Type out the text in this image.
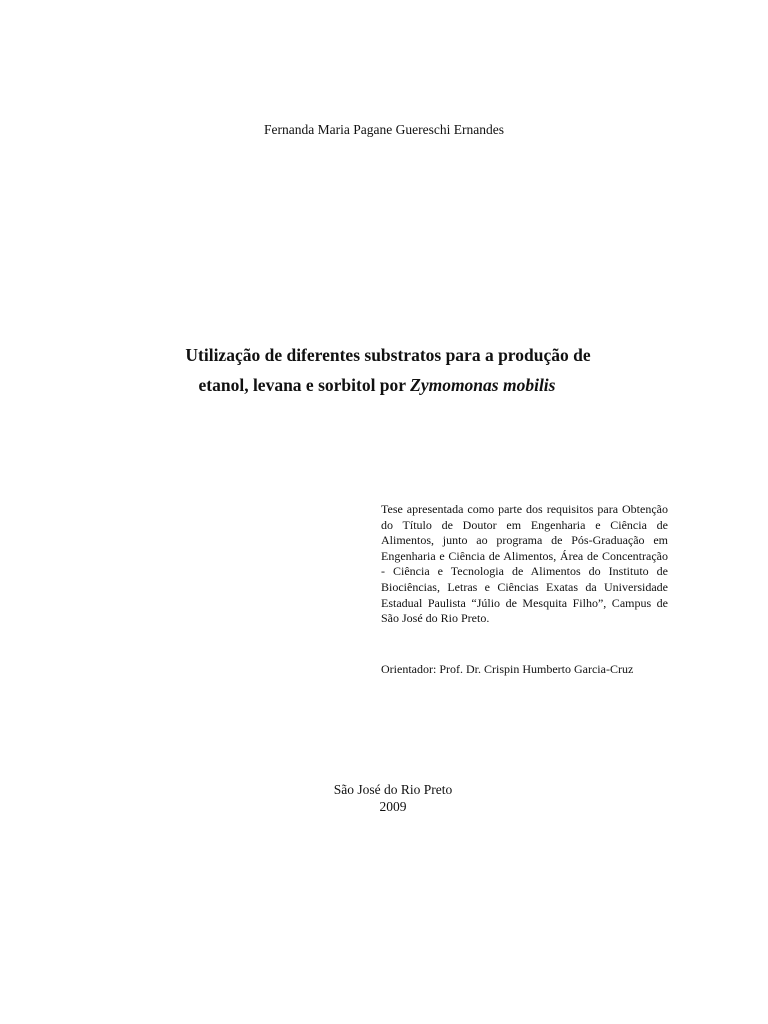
Fernanda Maria Pagane Guereschi Ernandes

Utilização de diferentes substratos para a produção de
etanol, levana e sorbitol por Zymomonas mobilis

Tese apresentada como parte dos requisitos para Obtenção do Título de Doutor em Engenharia e Ciência de Alimentos, junto ao programa de Pós-Graduação em Engenharia e Ciência de Alimentos, Área de Concentração - Ciência e Tecnologia de Alimentos do Instituto de Biociências, Letras e Ciências Exatas da Universidade Estadual Paulista “Júlio de Mesquita Filho”, Campus de São José do Rio Preto.

Orientador: Prof. Dr. Crispin Humberto Garcia-Cruz

São José do Rio Preto
2009
